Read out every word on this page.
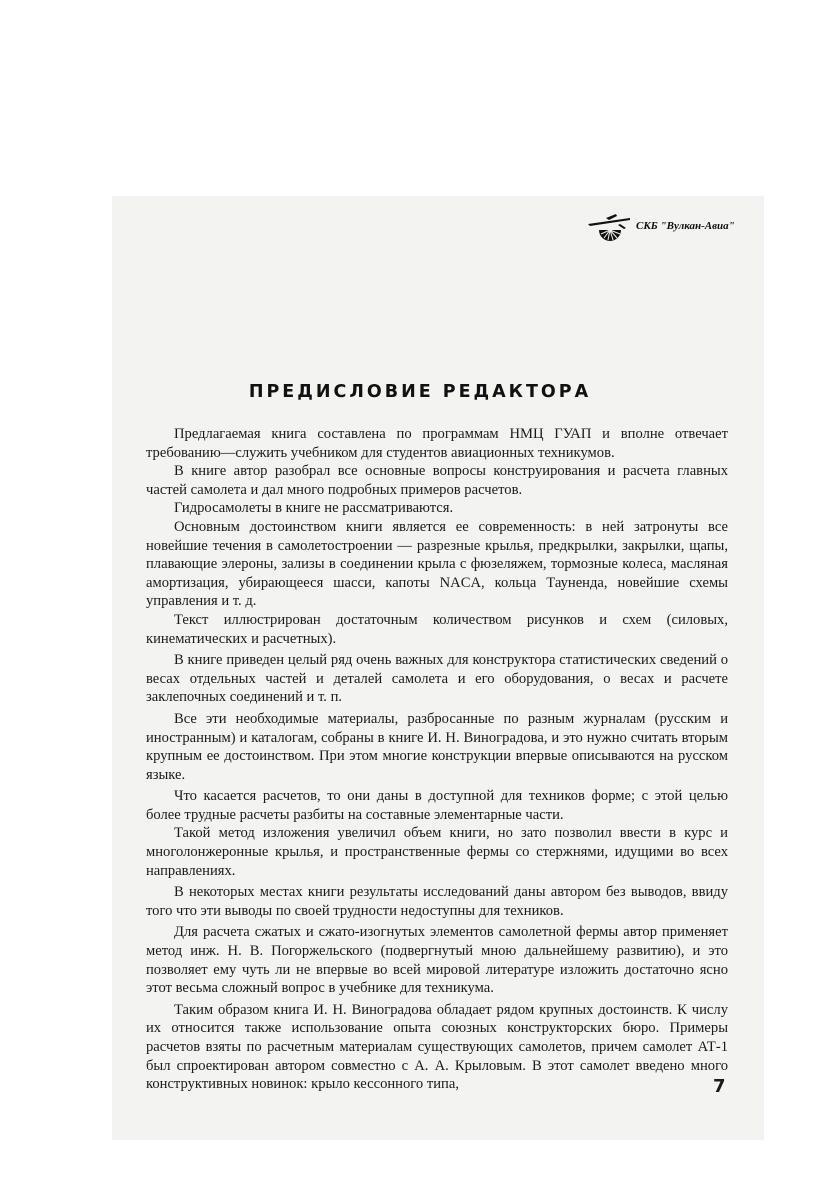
СКБ "Вулкан-Авиа"
ПРЕДИСЛОВИЕ РЕДАКТОРА

Предлагаемая книга составлена по программам НМЦ ГУАП и вполне отвечает требованию—служить учебником для студентов авиационных техникумов.

В книге автор разобрал все основные вопросы конструирования и расчета главных частей самолета и дал много подробных примеров расчетов.

Гидросамолеты в книге не рассматриваются.

Основным достоинством книги является ее современность: в ней затронуты все новейшие течения в самолетостроении — разрезные крылья, предкрылки, закрылки, щапы, плавающие элероны, зализы в соединении крыла с фюзеляжем, тормозные колеса, масляная амортизация, убирающееся шасси, капоты NACA, кольца Тауненда, новейшие схемы управления и т. д.

Текст иллюстрирован достаточным количеством рисунков и схем (силовых, кинематических и расчетных).

В книге приведен целый ряд очень важных для конструктора статистических сведений о весах отдельных частей и деталей самолета и его оборудования, о весах и расчете заклепочных соединений и т. п.

Все эти необходимые материалы, разбросанные по разным журналам (русским и иностранным) и каталогам, собраны в книге И. Н. Виноградова, и это нужно считать вторым крупным ее достоинством. При этом многие конструкции впервые описываются на русском языке.

Что касается расчетов, то они даны в доступной для техников форме; с этой целью более трудные расчеты разбиты на составные элементарные части.

Такой метод изложения увеличил объем книги, но зато позволил ввести в курс и многолонжеронные крылья, и пространственные фермы со стержнями, идущими во всех направлениях.

В некоторых местах книги результаты исследований даны автором без выводов, ввиду того что эти выводы по своей трудности недоступны для техников.

Для расчета сжатых и сжато-изогнутых элементов самолетной фермы автор применяет метод инж. Н. В. Погоржельского (подвергнутый мною дальнейшему развитию), и это позволяет ему чуть ли не впервые во всей мировой литературе изложить достаточно ясно этот весьма сложный вопрос в учебнике для техникума.

Таким образом книга И. Н. Виноградова обладает рядом крупных достоинств. К числу их относится также использование опыта союзных конструкторских бюро. Примеры расчетов взяты по расчетным материалам существующих самолетов, причем самолет АТ-1 был спроектирован автором совместно с А. А. Крыловым. В этот самолет введено много конструктивных новинок: крыло кессонного типа,	7
